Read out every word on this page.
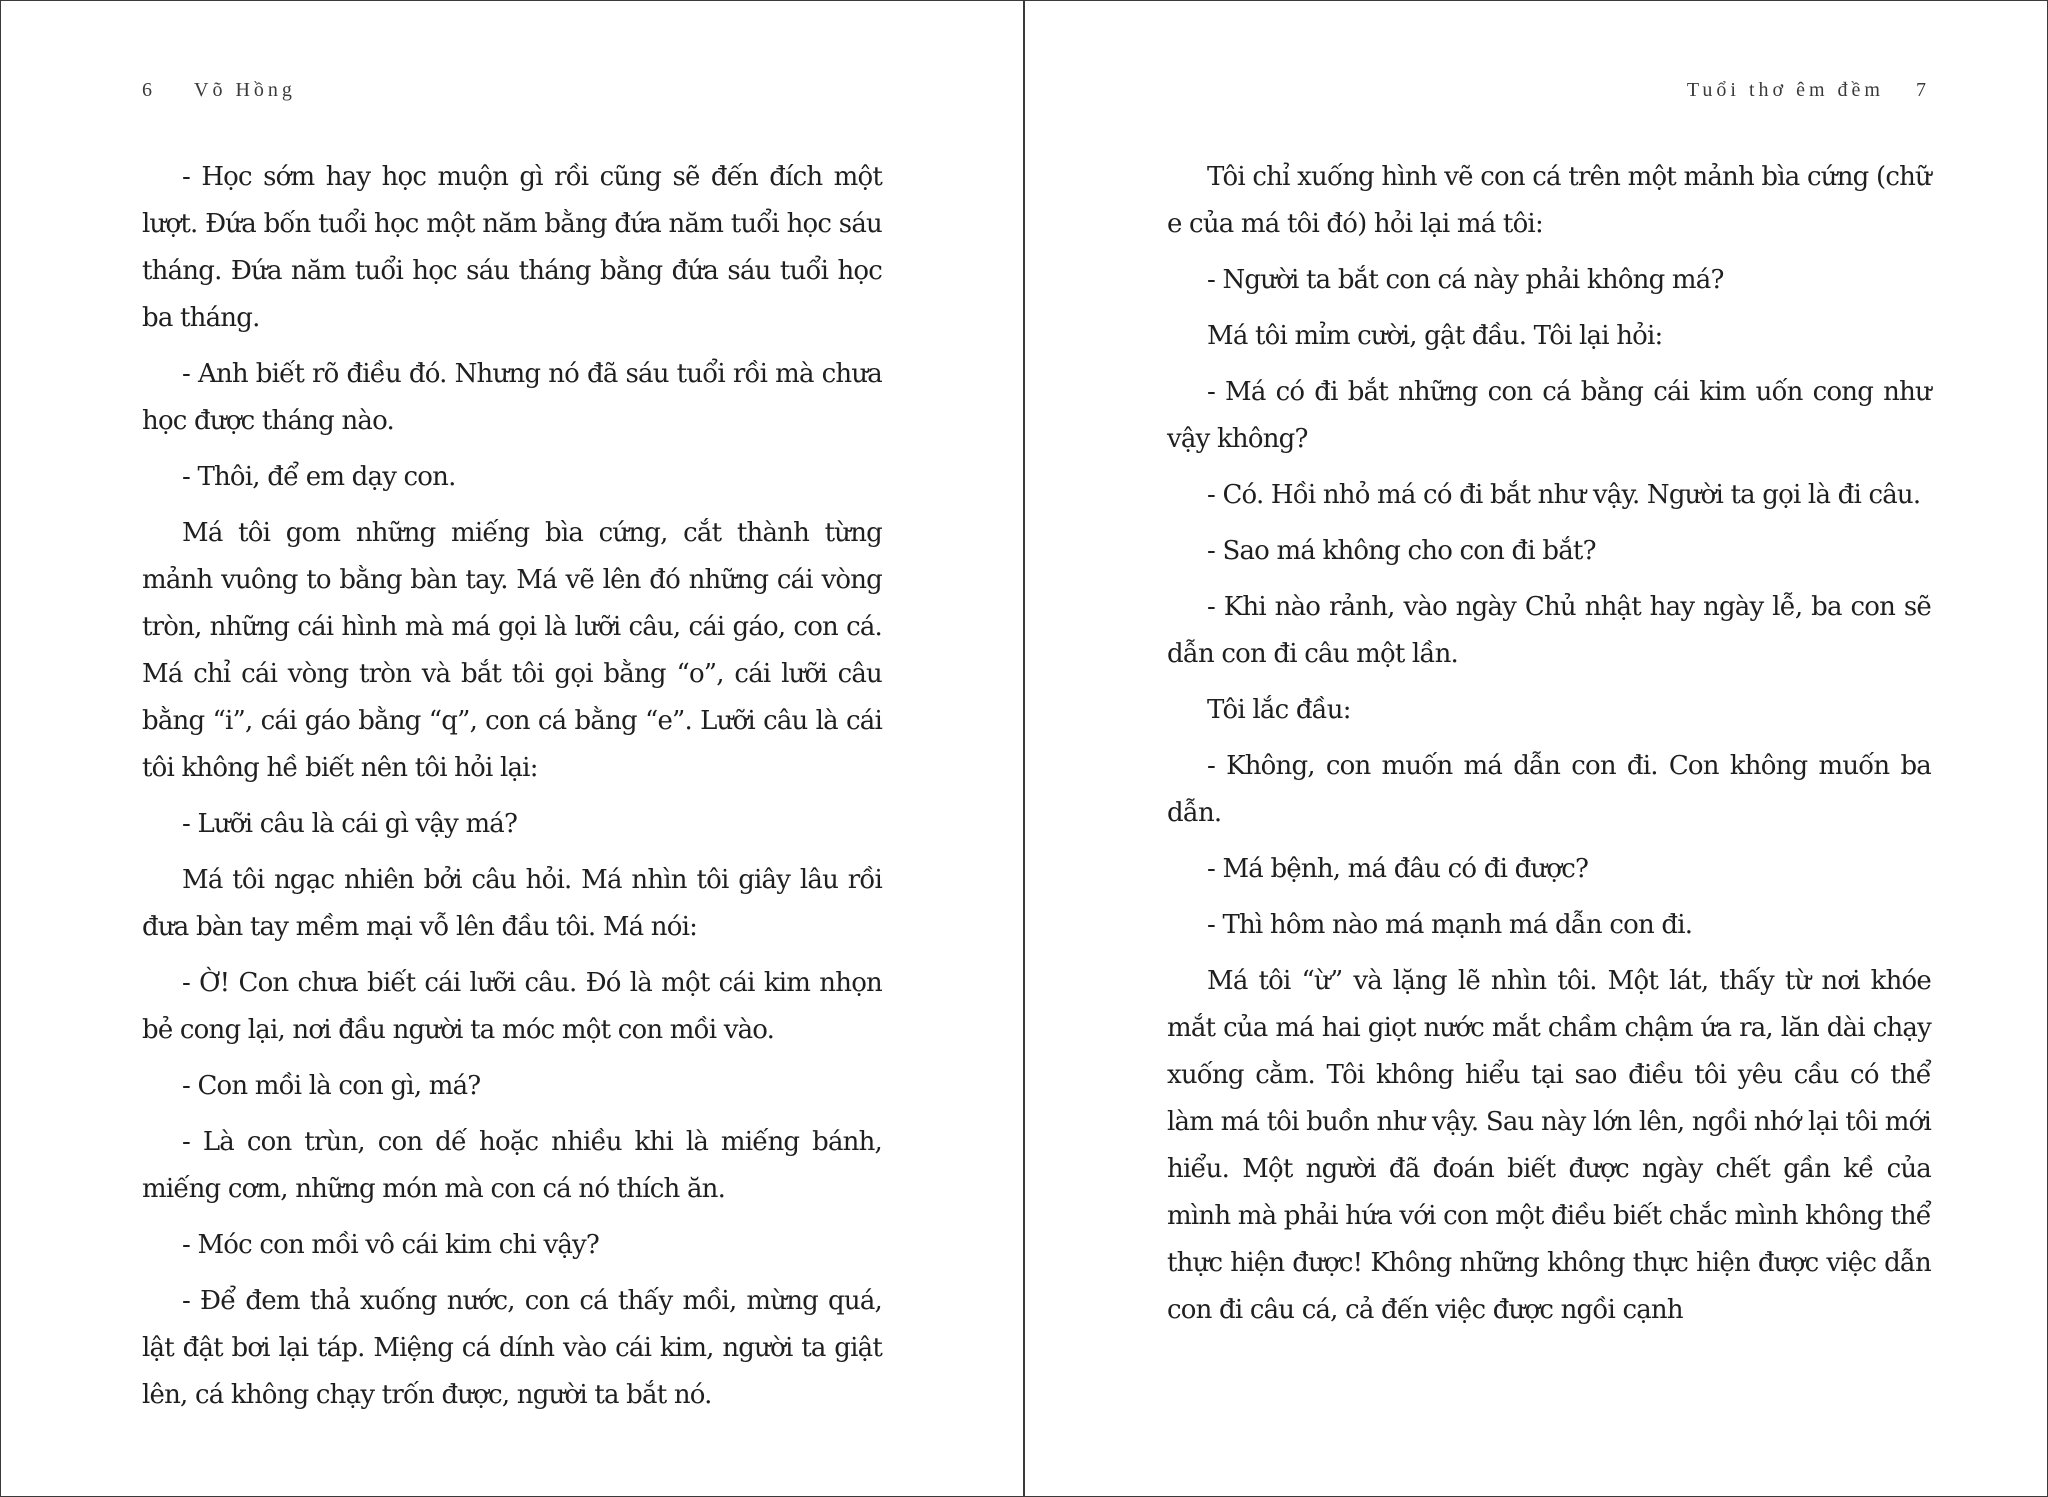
6 Võ Hồng

- Học sớm hay học muộn gì rồi cũng sẽ đến đích một lượt. Đứa bốn tuổi học một năm bằng đứa năm tuổi học sáu tháng. Đứa năm tuổi học sáu tháng bằng đứa sáu tuổi học ba tháng.

- Anh biết rõ điều đó. Nhưng nó đã sáu tuổi rồi mà chưa học được tháng nào.

- Thôi, để em dạy con.

Má tôi gom những miếng bìa cứng, cắt thành từng mảnh vuông to bằng bàn tay. Má vẽ lên đó những cái vòng tròn, những cái hình mà má gọi là lưỡi câu, cái gáo, con cá. Má chỉ cái vòng tròn và bắt tôi gọi bằng “o”, cái lưỡi câu bằng “i”, cái gáo bằng “q”, con cá bằng “e”. Lưỡi câu là cái tôi không hề biết nên tôi hỏi lại:

- Lưỡi câu là cái gì vậy má?

Má tôi ngạc nhiên bởi câu hỏi. Má nhìn tôi giây lâu rồi đưa bàn tay mềm mại vỗ lên đầu tôi. Má nói:

- Ờ! Con chưa biết cái lưỡi câu. Đó là một cái kim nhọn bẻ cong lại, nơi đầu người ta móc một con mồi vào.

- Con mồi là con gì, má?

- Là con trùn, con dế hoặc nhiều khi là miếng bánh, miếng cơm, những món mà con cá nó thích ăn.

- Móc con mồi vô cái kim chi vậy?

- Để đem thả xuống nước, con cá thấy mồi, mừng quá, lật đật bơi lại táp. Miệng cá dính vào cái kim, người ta giật lên, cá không chạy trốn được, người ta bắt nó.

Tuổi thơ êm đềm 7

Tôi chỉ xuống hình vẽ con cá trên một mảnh bìa cứng (chữ e của má tôi đó) hỏi lại má tôi:

- Người ta bắt con cá này phải không má?

Má tôi mỉm cười, gật đầu. Tôi lại hỏi:

- Má có đi bắt những con cá bằng cái kim uốn cong như vậy không?

- Có. Hồi nhỏ má có đi bắt như vậy. Người ta gọi là đi câu.

- Sao má không cho con đi bắt?

- Khi nào rảnh, vào ngày Chủ nhật hay ngày lễ, ba con sẽ dẫn con đi câu một lần.

Tôi lắc đầu:

- Không, con muốn má dẫn con đi. Con không muốn ba dẫn.

- Má bệnh, má đâu có đi được?

- Thì hôm nào má mạnh má dẫn con đi.

Má tôi “ừ” và lặng lẽ nhìn tôi. Một lát, thấy từ nơi khóe mắt của má hai giọt nước mắt chầm chậm ứa ra, lăn dài chạy xuống cằm. Tôi không hiểu tại sao điều tôi yêu cầu có thể làm má tôi buồn như vậy. Sau này lớn lên, ngồi nhớ lại tôi mới hiểu. Một người đã đoán biết được ngày chết gần kề của mình mà phải hứa với con một điều biết chắc mình không thể thực hiện được! Không những không thực hiện được việc dẫn con đi câu cá, cả đến việc được ngồi cạnh
